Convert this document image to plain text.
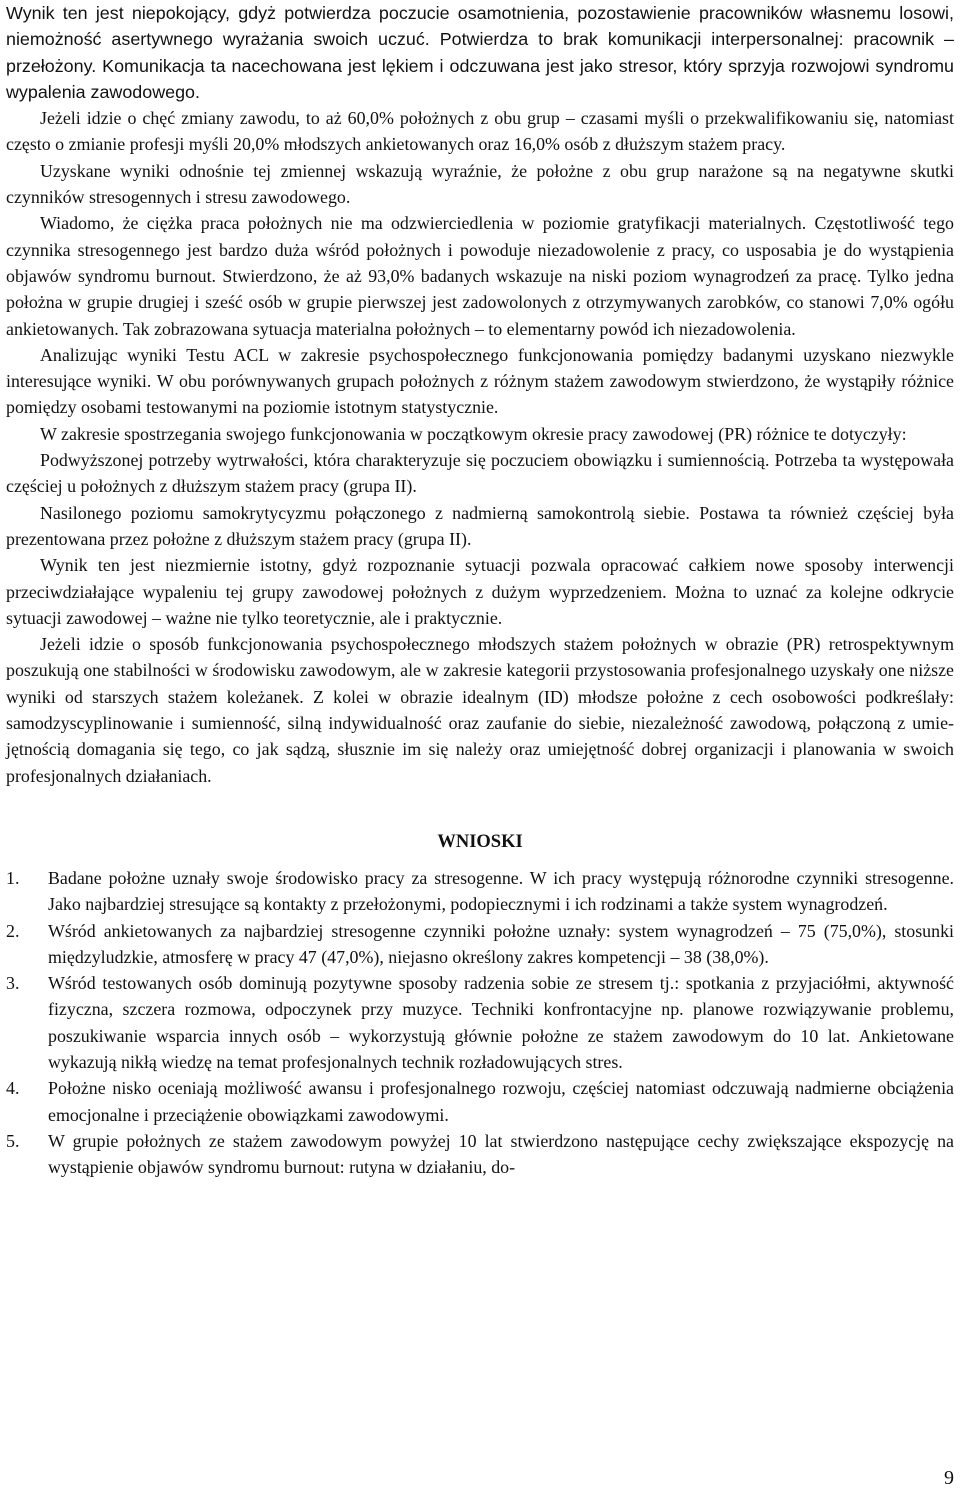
Wynik ten jest niepokojący, gdyż potwierdza poczucie osamotnienia, pozostawienie pracowników własnemu losowi, niemożność asertywnego wyrażania swoich uczuć. Potwierdza to brak komunikacji interpersonalnej: pracownik – przełożony. Komunikacja ta nacechowana jest lękiem i odczuwana jest jako stresor, który sprzyja rozwojowi syndromu wypalenia zawodowego.

Jeżeli idzie o chęć zmiany zawodu, to aż 60,0% położnych z obu grup – czasami myśli o przekwalifikowaniu się, natomiast często o zmianie profesji myśli 20,0% młodszych ankietowanych oraz 16,0% osób z dłuższym stażem pracy.

Uzyskane wyniki odnośnie tej zmiennej wskazują wyraźnie, że położne z obu grup narażone są na negatywne skutki czynników stresogennych i stresu zawodowego.

Wiadomo, że ciężka praca położnych nie ma odzwierciedlenia w poziomie gratyfikacji materialnych. Częstotliwość tego czynnika stresogennego jest bardzo duża wśród położnych i powoduje niezadowolenie z pracy, co usposabia je do wystąpienia objawów syndromu burnout. Stwierdzono, że aż 93,0% badanych wskazuje na niski poziom wynagrodzeń za pracę. Tylko jedna położna w grupie drugiej i sześć osób w grupie pierwszej jest zadowolonych z otrzymywanych zarobków, co stanowi 7,0% ogółu ankietowanych. Tak zobrazowana sytuacja materialna położnych – to elementarny powód ich niezadowolenia.

Analizując wyniki Testu ACL w zakresie psychospołecznego funkcjonowania pomiędzy badanymi uzyskano niezwykle interesujące wyniki. W obu porównywanych grupach położnych z różnym stażem zawodowym stwierdzono, że wystąpiły różnice pomiędzy osobami testowanymi na poziomie istotnym statystycznie.

W zakresie spostrzegania swojego funkcjonowania w początkowym okresie pracy zawodowej (PR) różnice te dotyczyły:

Podwyższonej potrzeby wytrwałości, która charakteryzuje się poczuciem obowiązku i sumiennością. Potrzeba ta występowała częściej u położnych z dłuższym stażem pracy (grupa II).

Nasilonego poziomu samokrytycyzmu połączonego z nadmierną samokontrolą siebie. Postawa ta również częściej była prezentowana przez położne z dłuższym stażem pracy (grupa II).

Wynik ten jest niezmiernie istotny, gdyż rozpoznanie sytuacji pozwala opracować całkiem nowe sposoby interwencji przeciwdziałające wypaleniu tej grupy zawodowej położnych z dużym wyprzedzeniem. Można to uznać za kolejne odkrycie sytuacji zawodowej – ważne nie tylko teoretycznie, ale i praktycznie.

Jeżeli idzie o sposób funkcjonowania psychospołecznego młodszych stażem położnych w obrazie (PR) retrospektywnym poszukują one stabilności w środowisku zawodowym, ale w zakresie kategorii przystosowania profesjonalnego uzyskały one niższe wyniki od starszych stażem koleżanek. Z kolei w obrazie idealnym (ID) młodsze położne z cech osobowości podkreślały: samodzyscyplinowanie i sumienność, silną indywidualność oraz zaufanie do siebie, niezależność zawodową, połączoną z umiejętnością domagania się tego, co jak sądzą, słusznie im się należy oraz umiejętność dobrej organizacji i planowania w swoich profesjonalnych działaniach.

WNIOSKI
1. Badane położne uznały swoje środowisko pracy za stresogenne. W ich pracy występują różnorodne czynniki stresogenne. Jako najbardziej stresujące są kontakty z przełożonymi, podopiecznymi i ich rodzinami a także system wynagrodzeń.
2. Wśród ankietowanych za najbardziej stresogenne czynniki położne uznały: system wynagrodzeń – 75 (75,0%), stosunki międzyludzkie, atmosferę w pracy 47 (47,0%), niejasno określony zakres kompetencji – 38 (38,0%).
3. Wśród testowanych osób dominują pozytywne sposoby radzenia sobie ze stresem tj.: spotkania z przyjaciółmi, aktywność fizyczna, szczera rozmowa, odpoczynek przy muzyce. Techniki konfrontacyjne np. planowe rozwiązywanie problemu, poszukiwanie wsparcia innych osób – wykorzystują głównie położne ze stażem zawodowym do 10 lat. Ankietowane wykazują nikłą wiedzę na temat profesjonalnych technik rozładowujących stres.
4. Położne nisko oceniają możliwość awansu i profesjonalnego rozwoju, częściej natomiast odczuwają nadmierne obciążenia emocjonalne i przeciążenie obowiązkami zawodowymi.
5. W grupie położnych ze stażem zawodowym powyżej 10 lat stwierdzono następujące cechy zwiększające ekspozycję na wystąpienie objawów syndromu burnout: rutyna w działaniu, do-
9
